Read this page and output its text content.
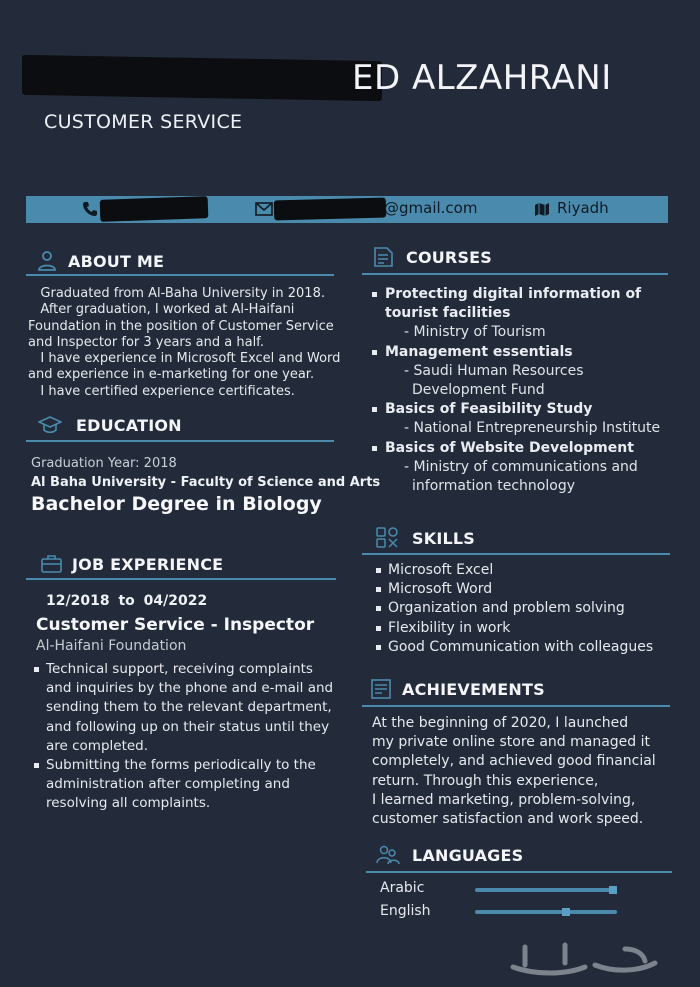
ED ALZAHRANI
CUSTOMER SERVICE
@gmail.com	Riyadh
ABOUT ME
Graduated from Al-Baha University in 2018.
After graduation, I worked at Al-Haifani
Foundation in the position of Customer Service
and Inspector for 3 years and a half.
I have experience in Microsoft Excel and Word
and experience in e-marketing for one year.
I have certified experience certificates.
EDUCATION
Graduation Year: 2018
Al Baha University - Faculty of Science and Arts
Bachelor Degree in Biology
JOB EXPERIENCE
12/2018 to 04/2022
Customer Service - Inspector
Al-Haifani Foundation
Technical support, receiving complaints
and inquiries by the phone and e-mail and
sending them to the relevant department,
and following up on their status until they
are completed.
Submitting the forms periodically to the
administration after completing and
resolving all complaints.
COURSES
Protecting digital information of
tourist facilities
- Ministry of Tourism
Management essentials
- Saudi Human Resources
Development Fund
Basics of Feasibility Study
- National Entrepreneurship Institute
Basics of Website Development
- Ministry of communications and
information technology
SKILLS
Microsoft Excel
Microsoft Word
Organization and problem solving
Flexibility in work
Good Communication with colleagues
ACHIEVEMENTS
At the beginning of 2020, I launched
my private online store and managed it
completely, and achieved good financial
return. Through this experience,
I learned marketing, problem-solving,
customer satisfaction and work speed.
LANGUAGES
Arabic
English
